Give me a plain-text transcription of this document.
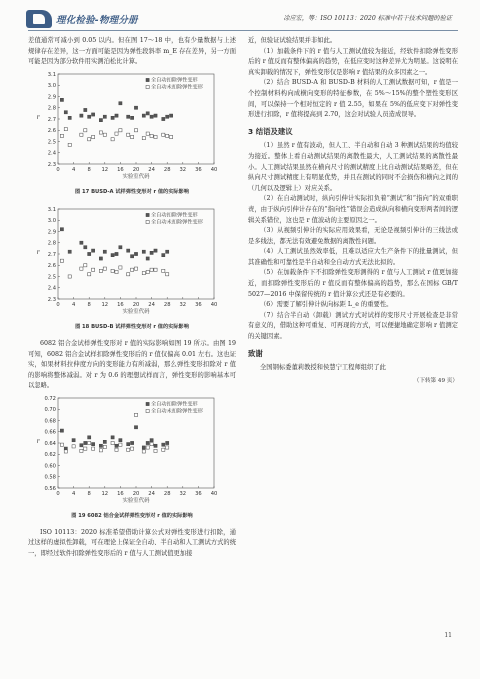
理化检验-物理分册	凃应宏，等：ISO 10113：2020 标准中若干技术问题的验证

差值通常可减小到 0.05 以内。但在图 17～18 中，也有少量数据与上述规律存在差异，这一方面可能是因为弹性段斜率 m_E 存在差异，另一方面可能是因为部分软件用实测泊松比计算。

0 4 8 12 16 20 24 28 32 36 40
2.3
2.4
2.5
2.6
2.7
2.8
2.9
3.0
3.1
实验室代码
r
全自动扣除弹性变形
全自动未扣除弹性变形
图 17 BUSD-A 试样弹性变形对 r 值的实际影响
0 4 8 12 16 20 24 28 32 36 40
2.3
2.4
2.5
2.6
2.7
2.8
2.9
3.0
3.1
实验室代码
r
全自动扣除弹性变形
全自动未扣除弹性变形
图 18 BUSD-B 试样弹性变形对 r 值的实际影响

6082 铝合金试样弹性变形对 r 值的实际影响如图 19 所示。由图 19 可知，6082 铝合金试样扣除弹性变形后的 r 值仅偏高 0.01 左右。这也证实，如果材料拉伸度方向的变形能力有所减弱，那么弹性变形扣除对 r 值的影响将整体减弱。对 r 为 0.6 的理想试样而言，弹性变形的影响基本可以忽略。

0 4 8 12 16 20 24 28 32 36 40
0.56
0.58
0.60
0.62
0.64
0.66
0.68
0.70
0.72
实验室代码
r
全自动扣除弹性变形
全自动未扣除弹性变形
图 19 6082 铝合金试样弹性变形对 r 值的实际影响

ISO 10113：2020 标准希望借助计算公式对弹性变形进行扣除，通过这样的虚拟性卸载，可在理论上保证全自动、半自动和人工测试方式的统一，即经过软件扣除弹性变形后的 r 值与人工测试值更加接

近，但验证试验结果并非如此。

（1）加载条件下的 r 值与人工测试值较为接近，经软件扣除弹性变形后的 r 值反而有整体偏高的趋势，在低应变时这种差异尤为明显。这说明在真实卸载的情况下，弹性变形仅是影响 r 值结果的众多因素之一。

（2）结合 BUSD-A 和 BUSD-B 材料的人工测试数据可知，r 值是一个控制材料构向成横向变形的特征参数，在 5%～15%的整个塑性变形区间，可以保持一个相对恒定的 r 值 2.55，如果在 5%的低应变下对弹性变形进行扣除，r 值将提高到 2.70，这会对试验人员造成误导。

3 结语及建议

（1）虽然 r 值有波动，但人工、半自动和自动 3 种测试结果的均值较为接近。整体上看自动测试结果的离散性最大，人工测试结果的离散性最小。人工测试结果虽然在横向尺寸的测试精度上比自动测试结果略差，但在纵向尺寸测试精度上有明显优势，并且在测试的同时不会损伤和横向之间的（几何以及逻辑上）对应关系。

（2）在自动测试时，纵向引伸计实际扣负着“测试”和“指向”的双重职责，由于纵向引伸计存在的“指向性”错误会造成纵向和横向变形两者间的逻辑关系错位，这也是 r 值波动的主要原因之一。

（3）从视频引伸计的实际应用效果看，无论是视频引伸计的三线法或是多线法，都无法有效避免数据的离散性问题。

（4）人工测试虽然效率低，且难以适应大生产条件下的批量测试，但其准确性和可靠性是半自动和全自动方式无法比拟的。

（5）在加载条件下不扣除弹性变形测得的 r 值与人工测试 r 值更加接近，而扣除弹性变形后的 r 值反而有整体偏高的趋势，那么在国标 GB/T 5027—2016 中保留传统的 r 值计算公式还是有必要的。

（6）需要了解引伸计纵向标距 L_e 的重要性。

（7）结合半自动（卸载）测试方式对试样的变形尺寸开展检查是非常有意义的，借助这种可重复、可再现的方式，可以便捷地确定影响 r 值测定的关键因素。

致谢

全国钢标委董莉教授和侯慧宁工程师组织了此

（下转第 49 页）
11
